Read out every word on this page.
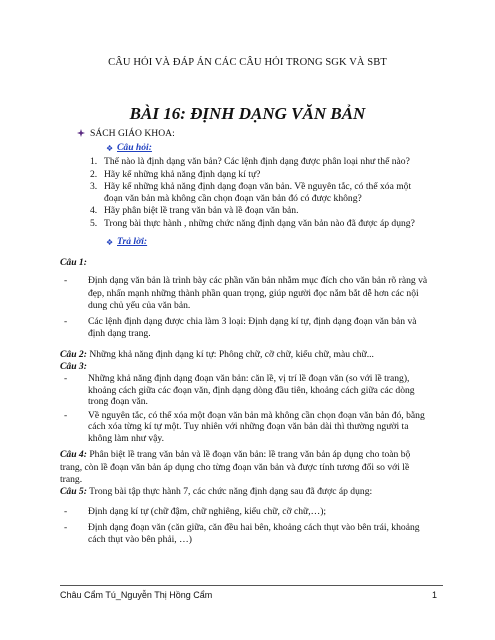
CÂU HỎI VÀ ĐÁP ÁN CÁC CÂU HỎI TRONG SGK VÀ SBT
BÀI 16: ĐỊNH DẠNG VĂN BẢN
SÁCH GIÁO KHOA:
❖ Câu hỏi:
1. Thế nào là định dạng văn bản? Các lệnh định dạng được phân loại như thế nào?
2. Hãy kể những khả năng định dạng kí tự?
3. Hãy kể những khả năng định dạng đoạn văn bản. Về nguyên tắc, có thể xóa một đoạn văn bản mà không cần chọn đoạn văn bản đó có được không?
4. Hãy phân biệt lề trang văn bản và lề đoạn văn bản.
5. Trong bài thực hành , những chức năng định dạng văn bản nào đã được áp dụng?
❖ Trả lời:
Câu 1:
- Định dạng văn bản là trình bày các phần văn bản nhằm mục đích cho văn bản rõ ràng và đẹp, nhấn mạnh những thành phần quan trọng, giúp người đọc nắm bắt dễ hơn các nội dung chủ yếu của văn bản.
- Các lệnh định dạng được chia làm 3 loại: Định dạng kí tự, định dạng đoạn văn bản và định dạng trang.
Câu 2: Những khả năng định dạng kí tự: Phông chữ, cỡ chữ, kiểu chữ, màu chữ...
Câu 3:
- Những khả năng định dạng đoạn văn bản: căn lề, vị trí lề đoạn văn (so với lề trang), khoảng cách giữa các đoạn văn, định dạng dòng đầu tiên, khoảng cách giữa các dòng trong đoạn văn.
- Về nguyên tắc, có thể xóa một đoạn văn bản mà không cần chọn đoạn văn bản đó, bằng cách xóa từng kí tự một. Tuy nhiên với những đoạn văn bản dài thì thường người ta không làm như vậy.
Câu 4: Phân biệt lề trang văn bản và lề đoạn văn bản: lề trang văn bản áp dụng cho toàn bộ trang, còn lề đoạn văn bản áp dụng cho từng đoạn văn bản và được tính tương đối so với lề trang.
Câu 5: Trong bài tập thực hành 7, các chức năng định dạng sau đã được áp dụng:
- Định dạng kí tự (chữ đậm, chữ nghiêng, kiểu chữ, cỡ chữ,…);
- Định dạng đoạn văn (căn giữa, căn đều hai bên, khoảng cách thụt vào bên trái, khoảng cách thụt vào bên phải, …)
Châu Cẩm Tú_Nguyễn Thị Hồng Cẩm	1
